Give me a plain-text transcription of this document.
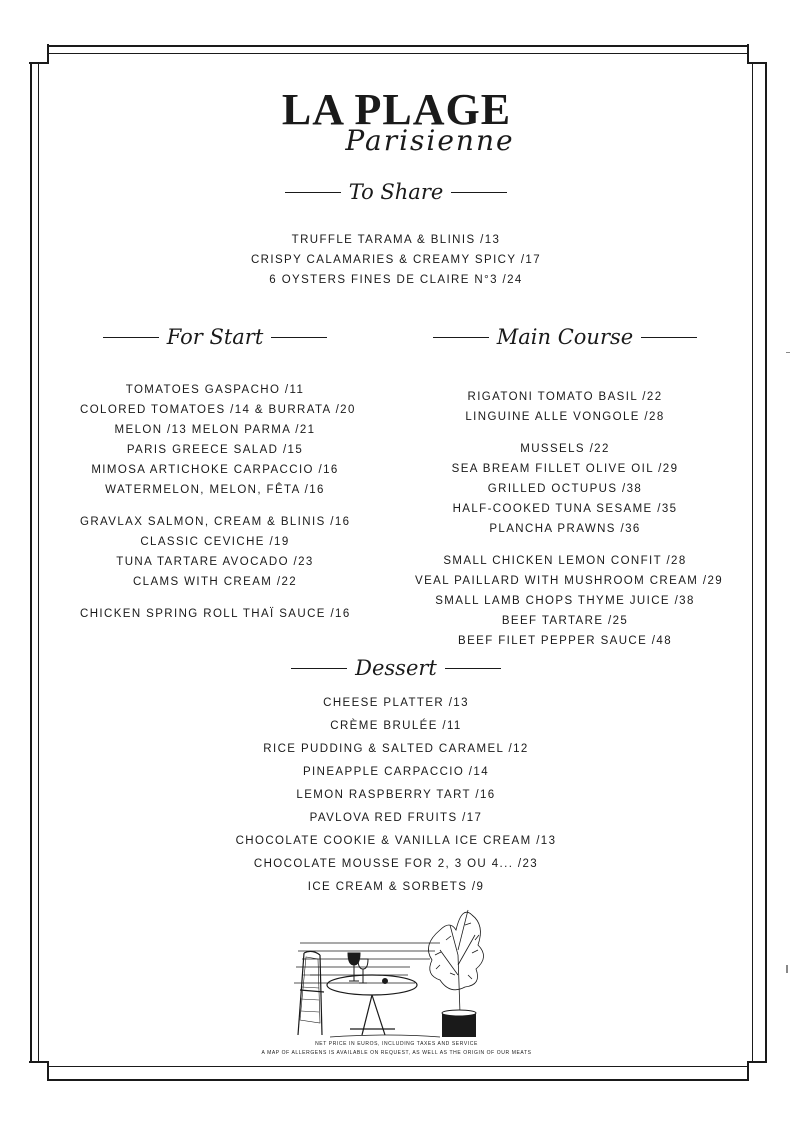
LA PLAGE
Parisienne
To Share
TRUFFLE TARAMA & BLINIS /13
CRISPY CALAMARIES & CREAMY SPICY /17
6 OYSTERS FINES DE CLAIRE N°3 /24
For Start
TOMATOES GASPACHO /11
COLORED TOMATOES /14 & BURRATA /20
MELON /13 MELON PARMA /21
PARIS GREECE SALAD /15
MIMOSA ARTICHOKE CARPACCIO /16
WATERMELON, MELON, FÊTA /16
GRAVLAX SALMON, CREAM & BLINIS /16
CLASSIC CEVICHE /19
TUNA TARTARE AVOCADO /23
CLAMS WITH CREAM /22
CHICKEN SPRING ROLL THAÏ SAUCE /16
Main Course
RIGATONI TOMATO BASIL /22
LINGUINE ALLE VONGOLE /28
MUSSELS /22
SEA BREAM FILLET OLIVE OIL /29
GRILLED OCTUPUS /38
HALF-COOKED TUNA SESAME /35
PLANCHA PRAWNS /36
SMALL CHICKEN LEMON CONFIT /28
VEAL PAILLARD WITH MUSHROOM CREAM /29
SMALL LAMB CHOPS THYME JUICE /38
BEEF TARTARE /25
BEEF FILET PEPPER SAUCE /48
Dessert
CHEESE PLATTER /13
CRÈME BRULÉE /11
RICE PUDDING & SALTED CARAMEL /12
PINEAPPLE CARPACCIO /14
LEMON RASPBERRY TART /16
PAVLOVA RED FRUITS /17
CHOCOLATE COOKIE & VANILLA ICE CREAM /13
CHOCOLATE MOUSSE FOR 2, 3 OU 4... /23
ICE CREAM & SORBETS /9
NET PRICE IN EUROS, INCLUDING TAXES AND SERVICE
A MAP OF ALLERGENS IS AVAILABLE ON REQUEST, AS WELL AS THE ORIGIN OF OUR MEATS
